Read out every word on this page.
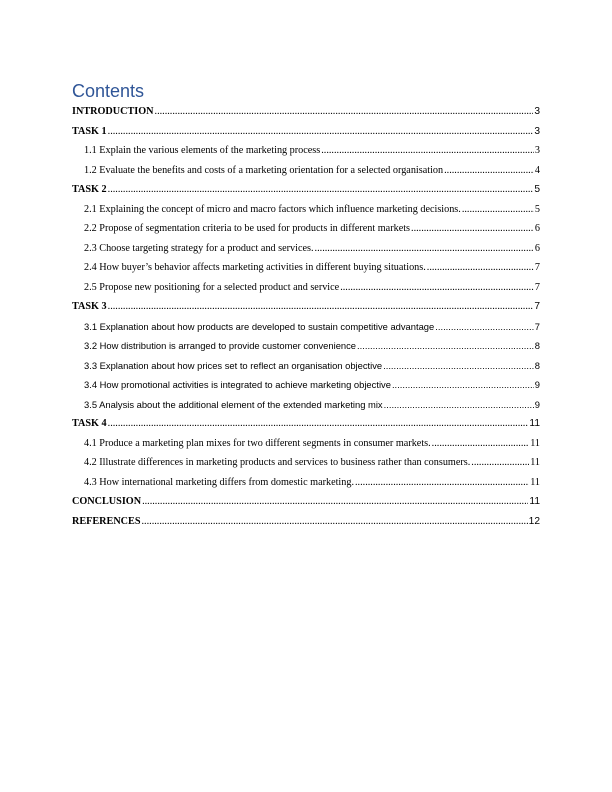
Contents
INTRODUCTION .....	3
TASK 1 .....	3
1.1 Explain the various elements of the marketing process .....	3
1.2 Evaluate the benefits and costs of a marketing orientation for a selected organisation .....	4
TASK 2 .....	5
2.1 Explaining the concept of micro and macro factors which influence marketing decisions. .....	5
2.2 Propose of segmentation criteria to be used for products in different markets .....	6
2.3 Choose targeting strategy for a product and services. .....	6
2.4 How buyer’s behavior affects marketing activities in different buying situations. .....	7
2.5 Propose new positioning for a selected product and service .....	7
TASK 3 .....	7
3.1 Explanation about how products are developed to sustain competitive advantage .....	7
3.2 How distribution is arranged to provide customer convenience .....	8
3.3 Explanation about how prices set to reflect an organisation objective .....	8
3.4 How promotional activities is integrated to achieve marketing objective .....	9
3.5 Analysis about the additional element of the extended marketing mix .....	9
TASK 4 .....	11
4.1 Produce a marketing plan mixes for two different segments in consumer markets. .....	11
4.2 Illustrate differences in marketing products and services to business rather than consumers. .....	11
4.3 How international marketing differs from domestic marketing. .....	11
CONCLUSION .....	11
REFERENCES .....	12
